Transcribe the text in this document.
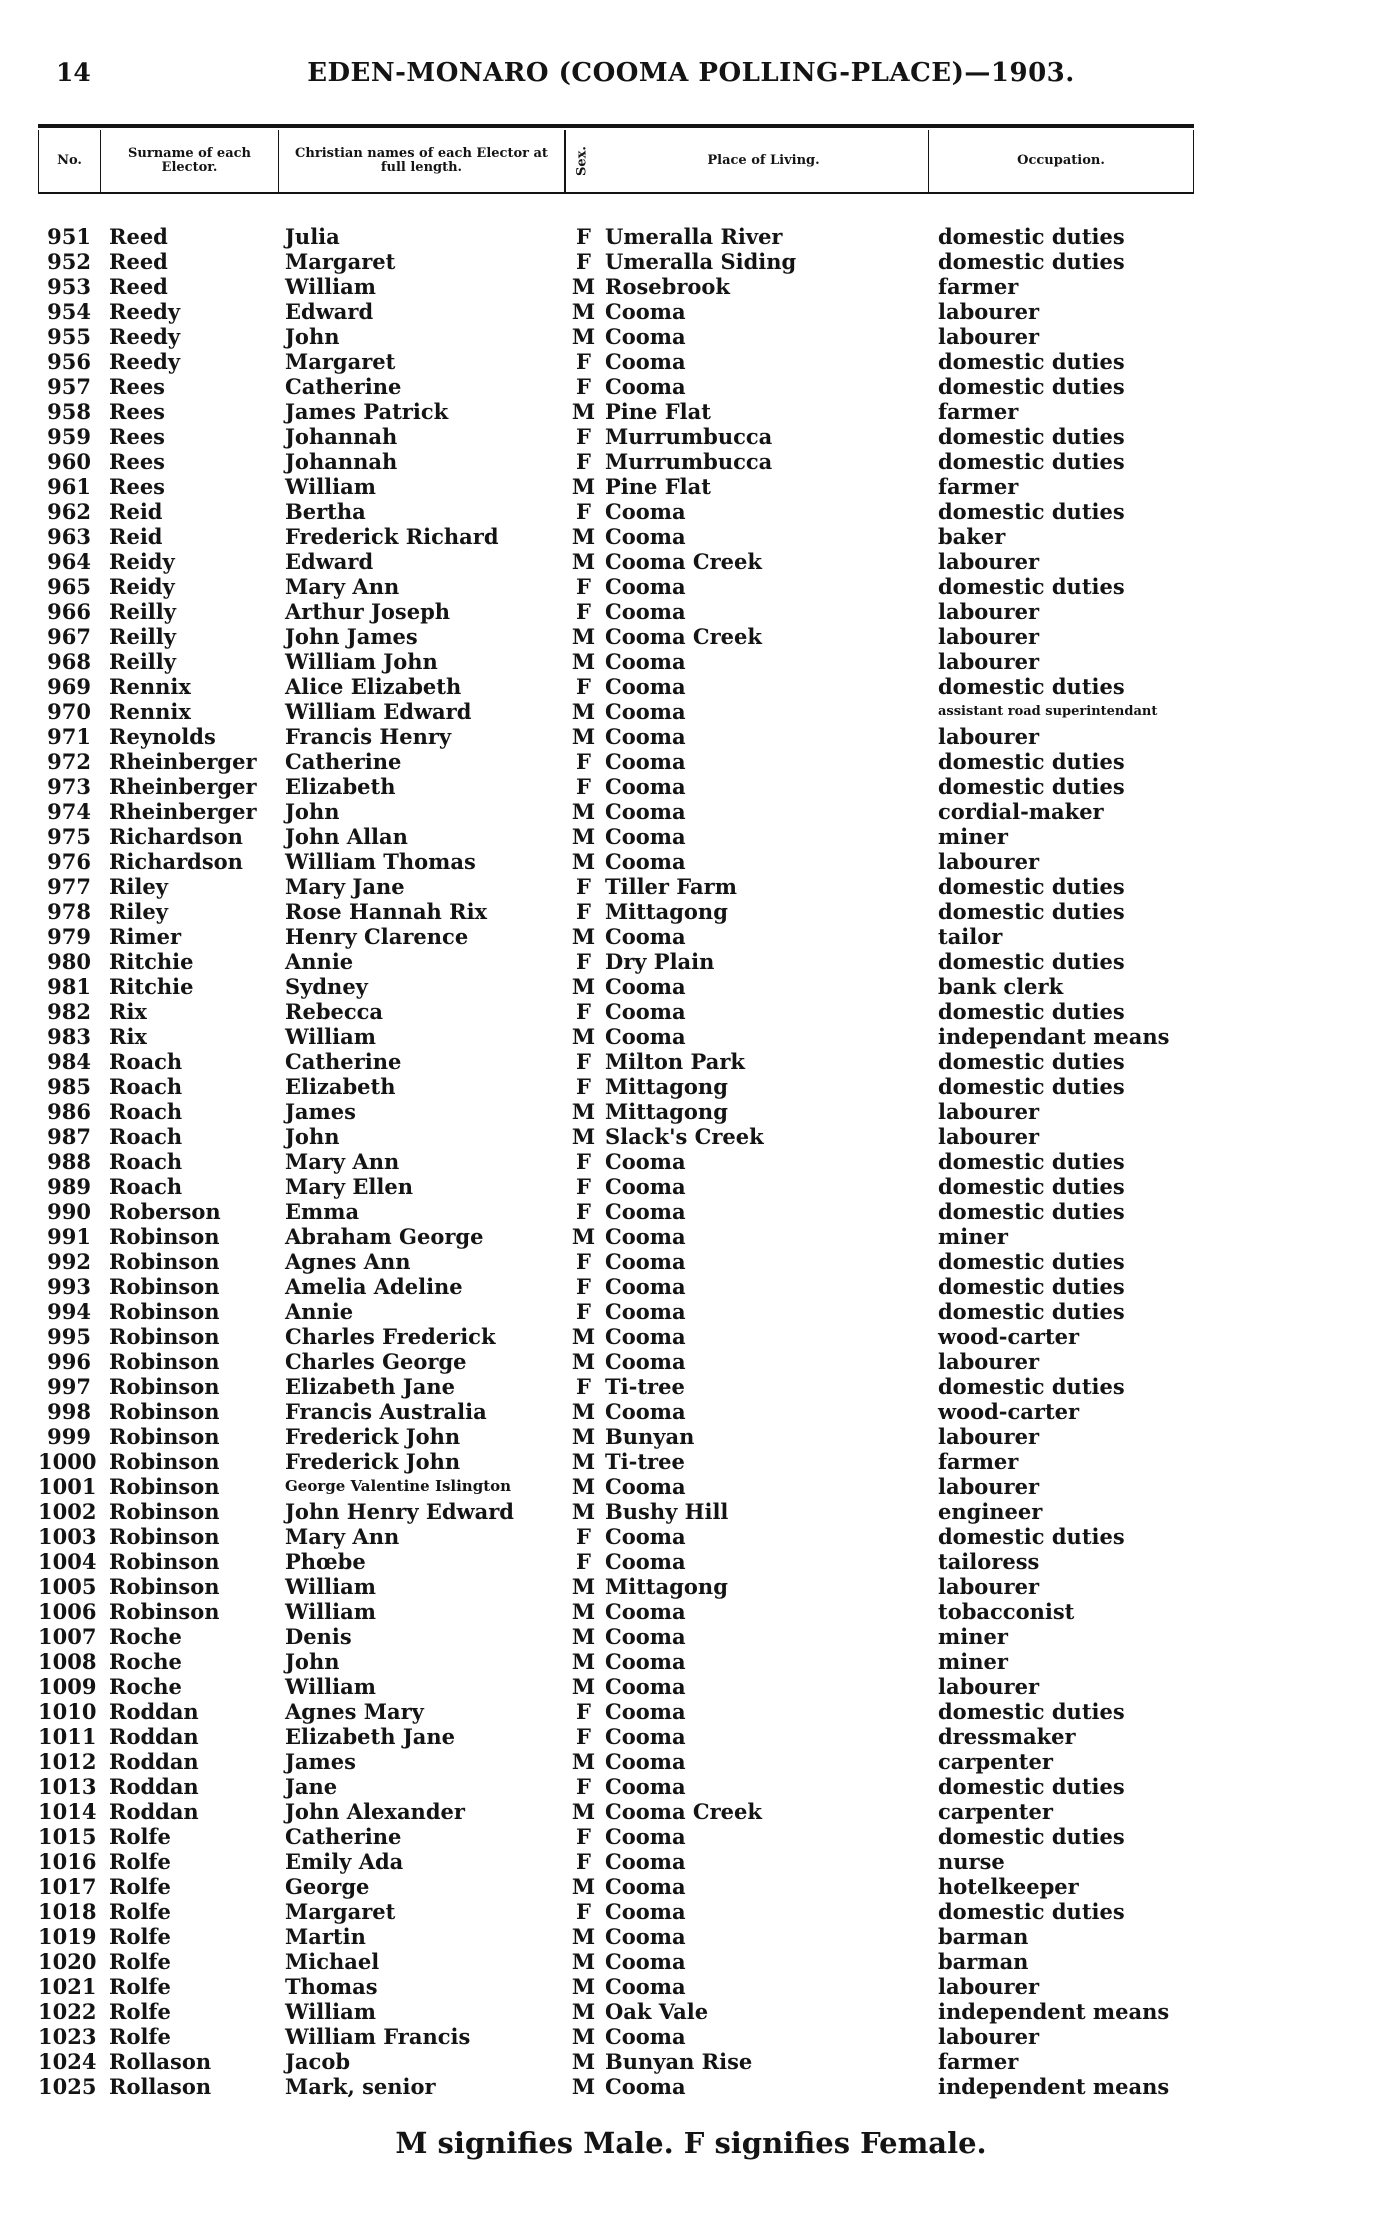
14	EDEN-MONARO (COOMA POLLING-PLACE)—1903.
No.	Surname of each Elector.
Christian names of each Elector at full length.	Sex.	Place of Living.	Occupation.
951 Reed	Julia	F Umeralla River	domestic duties
952 Reed	Margaret	F Umeralla Siding	domestic duties
953 Reed	William	M Rosebrook	farmer
954 Reedy	Edward	M Cooma	labourer
955 Reedy	John	M Cooma	labourer
956 Reedy	Margaret	F Cooma	domestic duties
957 Rees	Catherine	F Cooma	domestic duties
958 Rees	James Patrick	M Pine Flat	farmer
959 Rees	Johannah	F Murrumbucca	domestic duties
960 Rees	Johannah	F Murrumbucca	domestic duties
961 Rees	William	M Pine Flat	farmer
962 Reid	Bertha	F Cooma	domestic duties
963 Reid	Frederick Richard	M Cooma	baker
964 Reidy	Edward	M Cooma Creek	labourer
965 Reidy	Mary Ann	F Cooma	domestic duties
966 Reilly	Arthur Joseph	F Cooma	labourer
967 Reilly	John James	M Cooma Creek	labourer
968 Reilly	William John	M Cooma	labourer
969 Rennix	Alice Elizabeth	F Cooma	domestic duties
970 Rennix	William Edward	M Cooma	assistant road superintendant
971 Reynolds	Francis Henry	M Cooma	labourer
972 Rheinberger	Catherine	F Cooma	domestic duties
973 Rheinberger	Elizabeth	F Cooma	domestic duties
974 Rheinberger	John	M Cooma	cordial-maker
975 Richardson	John Allan	M Cooma	miner
976 Richardson	William Thomas	M Cooma	labourer
977 Riley	Mary Jane	F Tiller Farm	domestic duties
978 Riley	Rose Hannah Rix	F Mittagong	domestic duties
979 Rimer	Henry Clarence	M Cooma	tailor
980 Ritchie	Annie	F Dry Plain	domestic duties
981 Ritchie	Sydney	M Cooma	bank clerk
982 Rix	Rebecca	F Cooma	domestic duties
983 Rix	William	M Cooma	independant means
984 Roach	Catherine	F Milton Park	domestic duties
985 Roach	Elizabeth	F Mittagong	domestic duties
986 Roach	James	M Mittagong	labourer
987 Roach	John	M Slack's Creek	labourer
988 Roach	Mary Ann	F Cooma	domestic duties
989 Roach	Mary Ellen	F Cooma	domestic duties
990 Roberson	Emma	F Cooma	domestic duties
991 Robinson	Abraham George	M Cooma	miner
992 Robinson	Agnes Ann	F Cooma	domestic duties
993 Robinson	Amelia Adeline	F Cooma	domestic duties
994 Robinson	Annie	F Cooma	domestic duties
995 Robinson	Charles Frederick	M Cooma	wood-carter
996 Robinson	Charles George	M Cooma	labourer
997 Robinson	Elizabeth Jane	F Ti-tree	domestic duties
998 Robinson	Francis Australia	M Cooma	wood-carter
999 Robinson	Frederick John	M Bunyan	labourer
1000 Robinson	Frederick John	M Ti-tree	farmer
1001 Robinson	George Valentine Islington	M Cooma	labourer
1002 Robinson	John Henry Edward	M Bushy Hill	engineer
1003 Robinson	Mary Ann	F Cooma	domestic duties
1004 Robinson	Phœbe	F Cooma	tailoress
1005 Robinson	William	M Mittagong	labourer
1006 Robinson	William	M Cooma	tobacconist
1007 Roche	Denis	M Cooma	miner
1008 Roche	John	M Cooma	miner
1009 Roche	William	M Cooma	labourer
1010 Roddan	Agnes Mary	F Cooma	domestic duties
1011 Roddan	Elizabeth Jane	F Cooma	dressmaker
1012 Roddan	James	M Cooma	carpenter
1013 Roddan	Jane	F Cooma	domestic duties
1014 Roddan	John Alexander	M Cooma Creek	carpenter
1015 Rolfe	Catherine	F Cooma	domestic duties
1016 Rolfe	Emily Ada	F Cooma	nurse
1017 Rolfe	George	M Cooma	hotelkeeper
1018 Rolfe	Margaret	F Cooma	domestic duties
1019 Rolfe	Martin	M Cooma	barman
1020 Rolfe	Michael	M Cooma	barman
1021 Rolfe	Thomas	M Cooma	labourer
1022 Rolfe	William	M Oak Vale	independent means
1023 Rolfe	William Francis	M Cooma	labourer
1024 Rollason	Jacob	M Bunyan Rise	farmer
1025 Rollason	Mark, senior	M Cooma	independent means
M signifies Male. F signifies Female.
